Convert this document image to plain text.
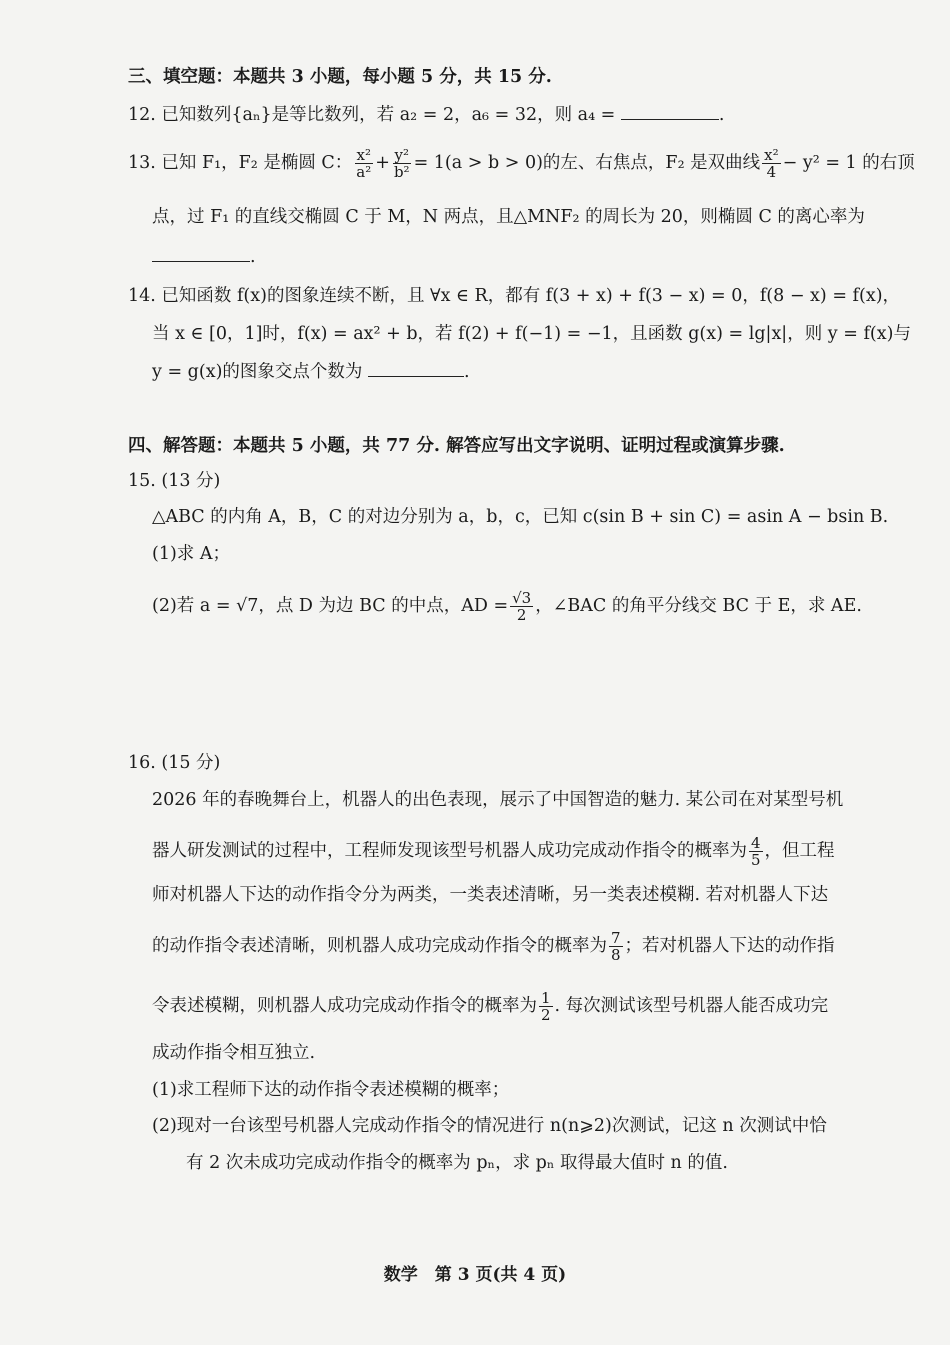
三、填空题：本题共 3 小题，每小题 5 分，共 15 分.
12. 已知数列{aₙ}是等比数列，若 a₂ = 2，a₆ = 32，则 a₄ =	.
13. 已知 F₁，F₂ 是椭圆 C： $\frac{\text{x²}}{\text{a²}} + \frac{\text{y²}}{\text{b²}} = 1(a > b > 0)$的左、右焦点，F₂ 是双曲线 $\frac{\text{x²}}{4} - y^2 = 1$ 的右顶
点，过 F₁ 的直线交椭圆 C 于 M，N 两点，且△MNF₂ 的周长为 20，则椭圆 C 的离心率为
.
14. 已知函数 f(x)的图象连续不断，且 ∀x ∈ R，都有 f(3 + x) + f(3 − x) = 0，f(8 − x) = f(x)，
当 x ∈ [0，1]时，f(x) = ax² + b，若 f(2) + f(−1) = −1，且函数 g(x) = lg|x|，则 y = f(x)与
y = g(x)的图象交点个数为	.
四、解答题：本题共 5 小题，共 77 分. 解答应写出文字说明、证明过程或演算步骤.
15. (13 分)
△ABC 的内角 A，B，C 的对边分别为 a，b，c，已知 c(sin B + sin C) = asin A − bsin B.
(1)求 A；
(2)若 a = √7，点 D 为边 BC 的中点，AD = $\frac{√3}{2}$ ，∠BAC 的角平分线交 BC 于 E，求 AE.
16. (15 分)
2026 年的春晚舞台上，机器人的出色表现，展示了中国智造的魅力. 某公司在对某型号机
器人研发测试的过程中，工程师发现该型号机器人成功完成动作指令的概率为 $\frac{4}{5}$ ，但工程
师对机器人下达的动作指令分为两类，一类表述清晰，另一类表述模糊. 若对机器人下达
的动作指令表述清晰，则机器人成功完成动作指令的概率为 $\frac{7}{8}$ ；若对机器人下达的动作指
令表述模糊，则机器人成功完成动作指令的概率为 $\frac{1}{2}$ . 每次测试该型号机器人能否成功完
成动作指令相互独立.
(1)求工程师下达的动作指令表述模糊的概率；
(2)现对一台该型号机器人完成动作指令的情况进行 n(n⩾2)次测试，记这 n 次测试中恰
有 2 次未成功完成动作指令的概率为 pₙ，求 pₙ 取得最大值时 n 的值.
数学　第 3 页(共 4 页)
